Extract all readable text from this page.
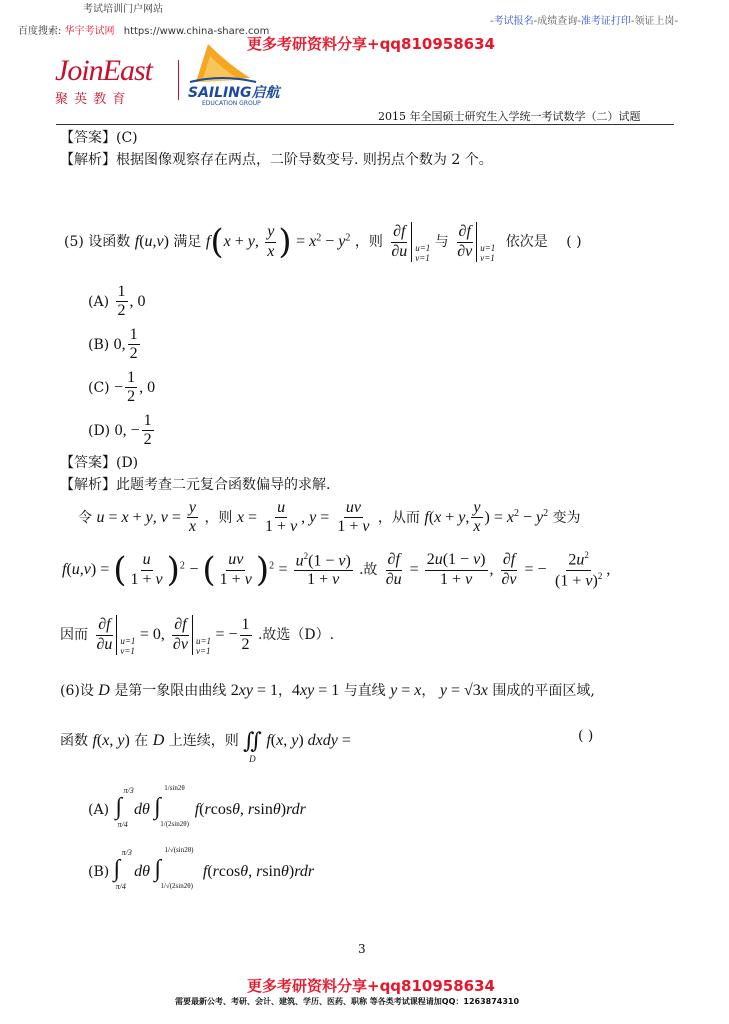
考试培训门户网站
百度搜索: 华宇考试网 https://www.china-share.com
-考试报名-成绩查询-准考证打印-领证上岗-
更多考研资料分享+qq810958634
JoinEast
聚 英 教 育	SAILING启航
EDUCATION GROUP
2015 年全国硕士研究生入学统一考试数学（二）试题
【答案】(C)
【解析】根据图像观察存在两点，二阶导数变号. 则拐点个数为 2 个。
(5) 设函数 f(u,v) 满足 f(x + y, $\frac{y}{x}$ ) = $x^2 - y^2$ ，则 $\frac{\partial f}{\partial u} u=1$
v=1
与 $\frac{\partial f}{\partial v} u=1$
v=1
依次是 ( )
$(A) \frac{1}{2}$ , 0
(B) 0, $\frac{1}{2}$
$(C) - \frac{1}{2}$ , 0
(D) 0, − $\frac{1}{2}$
【答案】(D)
【解析】此题考查二元复合函数偏导的求解.
令 u = x + y, $v = \frac{y}{x}$ ，则 $x = \frac{u}{1 + v}$ , $y = \frac{uv}{1 + v}$ ，从而 f(x + y, $\frac{y}{x}$ ) = $x^2 - y^2$ 变为
f(u,v) = ( $\frac{u}{1 + v} )^2$ − ( $\frac{uv}{1 + v} )^2 = \frac{u^2(1 - v)}{1 + v}$ .故 $\frac{\partial f}{\partial u} = \frac{2u(1 - v)}{1 + v}$ , $\frac{\partial f}{\partial v}$ = − $\frac{2u^2}{(1 + v)^2}$ ,
因而 $\frac{\partial f}{\partial u} u=1$
v=1
= 0, $\frac{\partial f}{\partial v} u=1$
v=1
= − $\frac{1}{2}$ .故选（D）.
(6)设 D 是第一象限由曲线 2xy = 1，4xy = 1 与直线 y = x， y = √3x 围成的平面区域,
函数 f(x, y) 在 D 上连续，则 ∬
D
f(x, y) dxdy =	( )
(A) ∫
π/3
π/4
dθ ∫
1/sin2θ
1/(2sin2θ)
f(rcosθ, rsinθ)rdr
(B) ∫
π/3
π/4
dθ ∫
1/√(sin2θ)
1/√(2sin2θ)
f(rcosθ, rsinθ)rdr
3
更多考研资料分享+qq810958634
需要最新公考、考研、会计、建筑、学历、医药、职称 等各类考试课程请加QQ：1263874310
